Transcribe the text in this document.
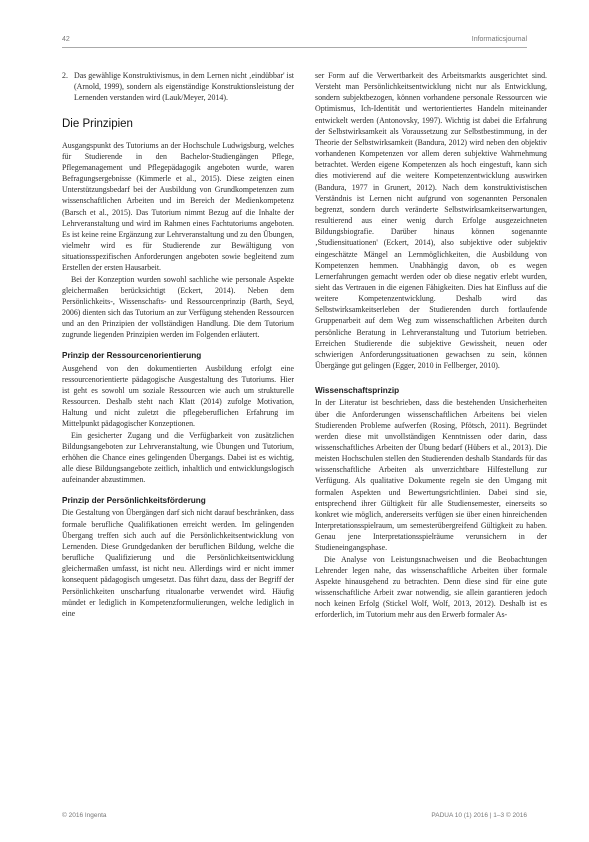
42	Informaticsjournal
2. Das gewählige Konstruktivismus, in dem Lernen nicht ‚eindübbar' ist (Arnold, 1999), sondern als eigenständige Konstruktionsleistung der Lernenden verstanden wird (Lauk/Meyer, 2014).
Die Prinzipien

Ausgangspunkt des Tutoriums an der Hochschule Ludwigsburg, welches für Studierende in den Bachelor-Studiengängen Pflege, Pflegemanagement und Pflegepädagogik angeboten wurde, waren Befragungsergebnisse (Kimmerle et al., 2015). Diese zeigten einen Unterstützungsbedarf bei der Ausbildung von Grundkompetenzen zum wissenschaftlichen Arbeiten und im Bereich der Medienkompetenz (Barsch et al., 2015). Das Tutorium nimmt Bezug auf die Inhalte der Lehrveranstaltung und wird im Rahmen eines Fachtutoriums angeboten. Es ist keine reine Ergänzung zur Lehrveranstaltung und zu den Übungen, vielmehr wird es für Studierende zur Bewältigung von situationsspezifischen Anforderungen angeboten sowie begleitend zum Erstellen der ersten Hausarbeit.

Bei der Konzeption wurden sowohl sachliche wie personale Aspekte gleichermaßen berücksichtigt (Eckert, 2014). Neben dem Persönlichkeits-, Wissenschafts- und Ressourcenprinzip (Barth, Seyd, 2006) dienten sich das Tutorium an zur Verfügung stehenden Ressourcen und an den Prinzipien der vollständigen Handlung. Die dem Tutorium zugrunde liegenden Prinzipien werden im Folgenden erläutert.

Prinzip der Ressourcenorientierung

Ausgehend von den dokumentierten Ausbildung erfolgt eine ressourcenorientierte pädagogische Ausgestaltung des Tutoriums. Hier ist geht es sowohl um soziale Ressourcen wie auch um strukturelle Ressourcen. Deshalb steht nach Klatt (2014) zufolge Motivation, Haltung und nicht zuletzt die pflegeberuflichen Erfahrung im Mittelpunkt pädagogischer Konzeptionen.

Ein gesicherter Zugang und die Verfügbarkeit von zusätzlichen Bildungsangeboten zur Lehrveranstaltung, wie Übungen und Tutorium, erhöhen die Chance eines gelingenden Übergangs. Dabei ist es wichtig, alle diese Bildungsangebote zeitlich, inhaltlich und entwicklungslogisch aufeinander abzustimmen.

Prinzip der Persönlichkeitsförderung

Die Gestaltung von Übergängen darf sich nicht darauf beschränken, dass formale berufliche Qualifikationen erreicht werden. Im gelingenden Übergang treffen sich auch auf die Persönlichkeitsentwicklung von Lernenden. Diese Grundgedanken der beruflichen Bildung, welche die berufliche Qualifizierung und die Persönlichkeitsentwicklung gleichermaßen umfasst, ist nicht neu. Allerdings wird er nicht immer konsequent pädagogisch umgesetzt. Das führt dazu, dass der Begriff der Persönlichkeiten unscharfung ritualonarbe verwendet wird. Häufig mündet er lediglich in Kompetenzformulierungen, welche lediglich in eine

ser Form auf die Verwertbarkeit des Arbeitsmarkts ausgerichtet sind. Versteht man Persönlichkeitsentwicklung nicht nur als Entwicklung, sondern subjektbezogen, können vorhandene personale Ressourcen wie Optimismus, Ich-Identität und wertorientiertes Handeln miteinander entwickelt werden (Antonovsky, 1997). Wichtig ist dabei die Erfahrung der Selbstwirksamkeit als Voraussetzung zur Selbstbestimmung, in der Theorie der Selbstwirksamkeit (Bandura, 2012) wird neben den objektiv vorhandenen Kompetenzen vor allem deren subjektive Wahrnehmung betrachtet. Werden eigene Kompetenzen als hoch eingestuft, kann sich dies motivierend auf die weitere Kompetenzentwicklung auswirken (Bandura, 1977 in Grunert, 2012). Nach dem konstruktivistischen Verständnis ist Lernen nicht aufgrund von sogenannten Personalen begrenzt, sondern durch veränderte Selbstwirksamkeitserwartungen, resultierend aus einer wenig durch Erfolge ausgezeichneten Bildungsbiografie. Darüber hinaus können sogenannte ‚Studiensituationen' (Eckert, 2014), also subjektive oder subjektiv eingeschätzte Mängel an Lernmöglichkeiten, die Ausbildung von Kompetenzen hemmen. Unabhängig davon, ob es wegen Lernerfahrungen gemacht werden oder ob diese negativ erlebt wurden, sieht das Vertrauen in die eigenen Fähigkeiten. Dies hat Einfluss auf die weitere Kompetenzentwicklung. Deshalb wird das Selbstwirksamkeitserleben der Studierenden durch fortlaufende Gruppenarbeit auf dem Weg zum wissenschaftlichen Arbeiten durch persönliche Beratung in Lehrveranstaltung und Tutorium betrieben. Erreichen Studierende die subjektive Gewissheit, neuen oder schwierigen Anforderungssituationen gewachsen zu sein, können Übergänge gut gelingen (Egger, 2010 in Fellberger, 2010).

Wissenschaftsprinzip

In der Literatur ist beschrieben, dass die bestehenden Unsicherheiten über die Anforderungen wissenschaftlichen Arbeitens bei vielen Studierenden Probleme aufwerfen (Rosing, Pfötsch, 2011). Begründet werden diese mit unvollständigen Kenntnissen oder darin, dass wissenschaftliches Arbeiten der Übung bedarf (Hübers et al., 2013). Die meisten Hochschulen stellen den Studierenden deshalb Standards für das wissenschaftliche Arbeiten als unverzichtbare Hilfestellung zur Verfügung. Als qualitative Dokumente regeln sie den Umgang mit formalen Aspekten und Bewertungsrichtlinien. Dabei sind sie, entsprechend ihrer Gültigkeit für alle Studiensemester, einerseits so konkret wie möglich, andererseits verfügen sie über einen hinreichenden Interpretationsspielraum, um semesterübergreifend Gültigkeit zu haben. Genau jene Interpretationsspielräume verunsichern in der Studieneingangsphase.

Die Analyse von Leistungsnachweisen und die Beobachtungen Lehrender legen nahe, das wissenschaftliche Arbeiten über formale Aspekte hinausgehend zu betrachten. Denn diese sind für eine gute wissenschaftliche Arbeit zwar notwendig, sie allein garantieren jedoch noch keinen Erfolg (Stickel Wolf, Wolf, 2013, 2012). Deshalb ist es erforderlich, im Tutorium mehr aus den Erwerb formaler As-

© 2016 Ingenta	PADUA 10 (1) 2016 | 1–3 © 2016
